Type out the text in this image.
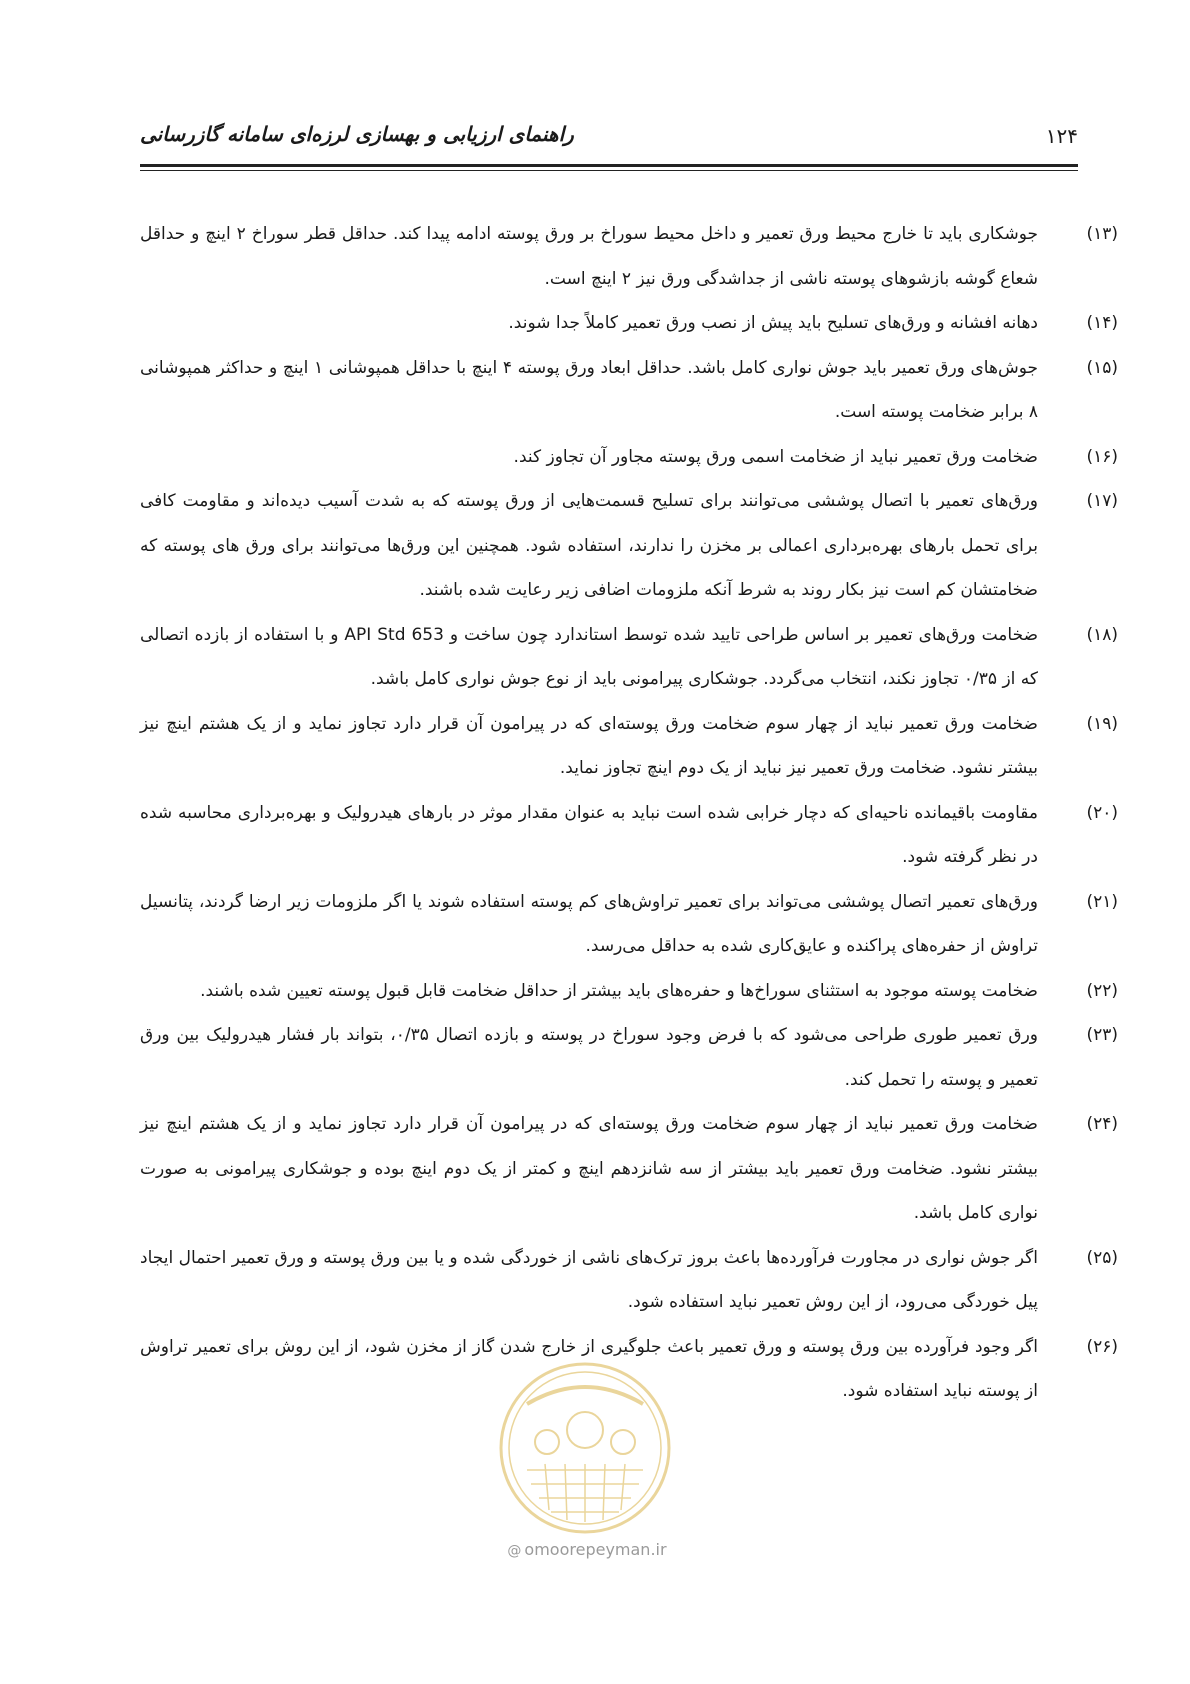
۱۲۴
راهنمای ارزیابی و بهسازی لرزه‌ای سامانه گازرسانی

(۱۳)جوشکاری باید تا خارج محیط ورق تعمیر و داخل محیط سوراخ بر ورق پوسته ادامه پیدا کند. حداقل قطر سوراخ ۲ اینچ و حداقل شعاع گوشه بازشوهای پوسته ناشی از جداشدگی ورق نیز ۲ اینچ است.

(۱۴)دهانه افشانه و ورق‌های تسلیح باید پیش از نصب ورق تعمیر کاملاً جدا شوند.

(۱۵)جوش‌های ورق تعمیر باید جوش نواری کامل باشد. حداقل ابعاد ورق پوسته ۴ اینچ با حداقل همپوشانی ۱ اینچ و حداکثر همپوشانی ۸ برابر ضخامت پوسته است.

(۱۶)ضخامت ورق تعمیر نباید از ضخامت اسمی ورق پوسته مجاور آن تجاوز کند.

(۱۷)ورق‌های تعمیر با اتصال پوششی می‌توانند برای تسلیح قسمت‌هایی از ورق پوسته که به شدت آسیب دیده‌اند و مقاومت کافی برای تحمل بارهای بهره‌برداری اعمالی بر مخزن را ندارند، استفاده شود. همچنین این ورق‌ها می‌توانند برای ورق های پوسته که ضخامتشان کم است نیز بکار روند به شرط آنکه ملزومات اضافی زیر رعایت شده باشند.

(۱۸)ضخامت ورق‌های تعمیر بر اساس طراحی تایید شده توسط استاندارد چون ساخت و API Std 653 و با استفاده از بازده اتصالی که از ۰/۳۵ تجاوز نکند، انتخاب می‌گردد. جوشکاری پیرامونی باید از نوع جوش نواری کامل باشد.

(۱۹)ضخامت ورق تعمیر نباید از چهار سوم ضخامت ورق پوسته‌ای که در پیرامون آن قرار دارد تجاوز نماید و از یک هشتم اینچ نیز بیشتر نشود. ضخامت ورق تعمیر نیز نباید از یک دوم اینچ تجاوز نماید.

(۲۰)مقاومت باقیمانده ناحیه‌ای که دچار خرابی شده است نباید به عنوان مقدار موثر در بارهای هیدرولیک و بهره‌برداری محاسبه شده در نظر گرفته شود.

(۲۱)ورق‌های تعمیر اتصال پوششی می‌تواند برای تعمیر تراوش‌های کم پوسته استفاده شوند یا اگر ملزومات زیر ارضا گردند، پتانسیل تراوش از حفره‌های پراکنده و عایق‌کاری شده به حداقل می‌رسد.

(۲۲)ضخامت پوسته موجود به استثنای سوراخ‌ها و حفره‌های باید بیشتر از حداقل ضخامت قابل قبول پوسته تعیین شده باشند.

(۲۳)ورق تعمیر طوری طراحی می‌شود که با فرض وجود سوراخ در پوسته و بازده اتصال ۰/۳۵، بتواند بار فشار هیدرولیک بین ورق تعمیر و پوسته را تحمل کند.

(۲۴)ضخامت ورق تعمیر نباید از چهار سوم ضخامت ورق پوسته‌ای که در پیرامون آن قرار دارد تجاوز نماید و از یک هشتم اینچ نیز بیشتر نشود. ضخامت ورق تعمیر باید بیشتر از سه شانزدهم اینچ و کمتر از یک دوم اینچ بوده و جوشکاری پیرامونی به صورت نواری کامل باشد.

(۲۵)اگر جوش نواری در مجاورت فرآورده‌ها باعث بروز ترک‌های ناشی از خوردگی شده و یا بین ورق پوسته و ورق تعمیر احتمال ایجاد پیل خوردگی می‌رود، از این روش تعمیر نباید استفاده شود.

(۲۶)اگر وجود فرآورده بین ورق پوسته و ورق تعمیر باعث جلوگیری از خارج شدن گاز از مخزن شود، از این روش برای تعمیر تراوش از پوسته نباید استفاده شود.

@ omoorepeyman.ir
